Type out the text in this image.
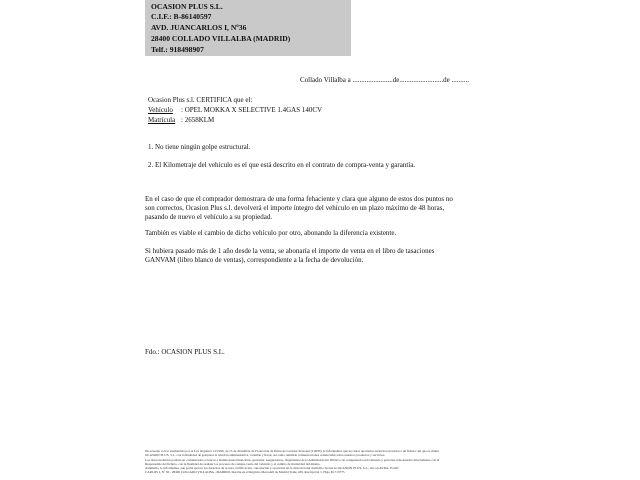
OCASION PLUS S.L.
C.I.F.: B-86140597
AVD. JUANCARLOS I, Nº36
28400 COLLADO VILLALBA (MADRID)
Telf.: 918498907
Collado Villalba a .......................de.........................de ..........
Ocasion Plus s.l. CERTIFICA que el:
Vehículo : OPEL MOKKA X SELECTIVE 1.4GAS 140CV
Matrícula : 2658KLM
1. No tiene ningún golpe estructural.
2. El Kilometraje del vehículo es el que está descrito en el contrato de compra-venta y garantía.
En el caso de que el comprador demostrara de una forma fehaciente y clara que alguno de estos dos puntos no
son correctos, Ocasion Plus s.l. devolverá el importe íntegro del vehículo en un plazo máximo de 48 horas,
pasando de nuevo el vehículo a su propiedad.
También es viable el cambio de dicho vehículo por otro, abonando la diferencia existente.
Si hubiera pasado más de 1 año desde la venta, se abonaría el importe de venta en el libro de tasaciones
GANVAM (libro blanco de ventas), correspondiente a la fecha de devolución.
Fdo.: OCASION PLUS S.L.
De acuerdo con lo establecido por la Ley Orgánica 15/1999, de 13 de diciembre de Protección de Datos de Carácter Personal (LOPD), le informamos que los datos aportados serán incorporados a un fichero del que es titular
OCASION PLUS, S.L. con la finalidad de gestionar la relación administrativa, contable y fiscal, así como remitirle comunicaciones comerciales sobre nuestros productos y servicios.
Los datos incluidos podrán ser comunicados a bancos e instituciones financieras, gestorías, aseguradoras, Organismos de la Administración Pública con competencia en la materia y personas relacionadas directamente con el
Responsable del fichero, con la finalidad de realizar los procesos de compra-venta del vehículo y el cambio de titularidad del mismo.
Asimismo, le informamos que podrá ejercer los derechos de acceso, rectificación, cancelación y oposición en la dirección del domicilio Social de OCASION PLUS, S.L., sito en AVDA. JUAN
CARLOS I, Nº 36 - 28400 COLLADO VILLALBA - MADRID. Inscrita en el Registro Mercantil de Madrid Tomo 439, Inscripción 1, Hoja M-715775
